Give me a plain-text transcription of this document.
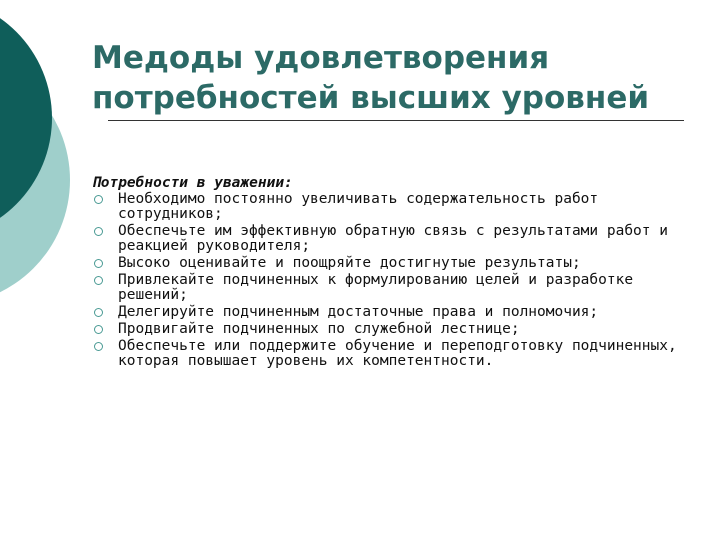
Медоды удовлетворения
потребностей высших уровней
Потребности в уважении:
Необходимо постоянно увеличивать содержательность работ сотрудников;
Обеспечьте им эффективную обратную связь с результатами работ и реакцией руководителя;
Высоко оценивайте и поощряйте достигнутые результаты;
Привлекайте подчиненных к формулированию целей и разработке решений;
Делегируйте подчиненным достаточные права и полномочия;
Продвигайте подчиненных по служебной лестнице;
Обеспечьте или поддержите обучение и переподготовку подчиненных, которая повышает уровень их компетентности.
